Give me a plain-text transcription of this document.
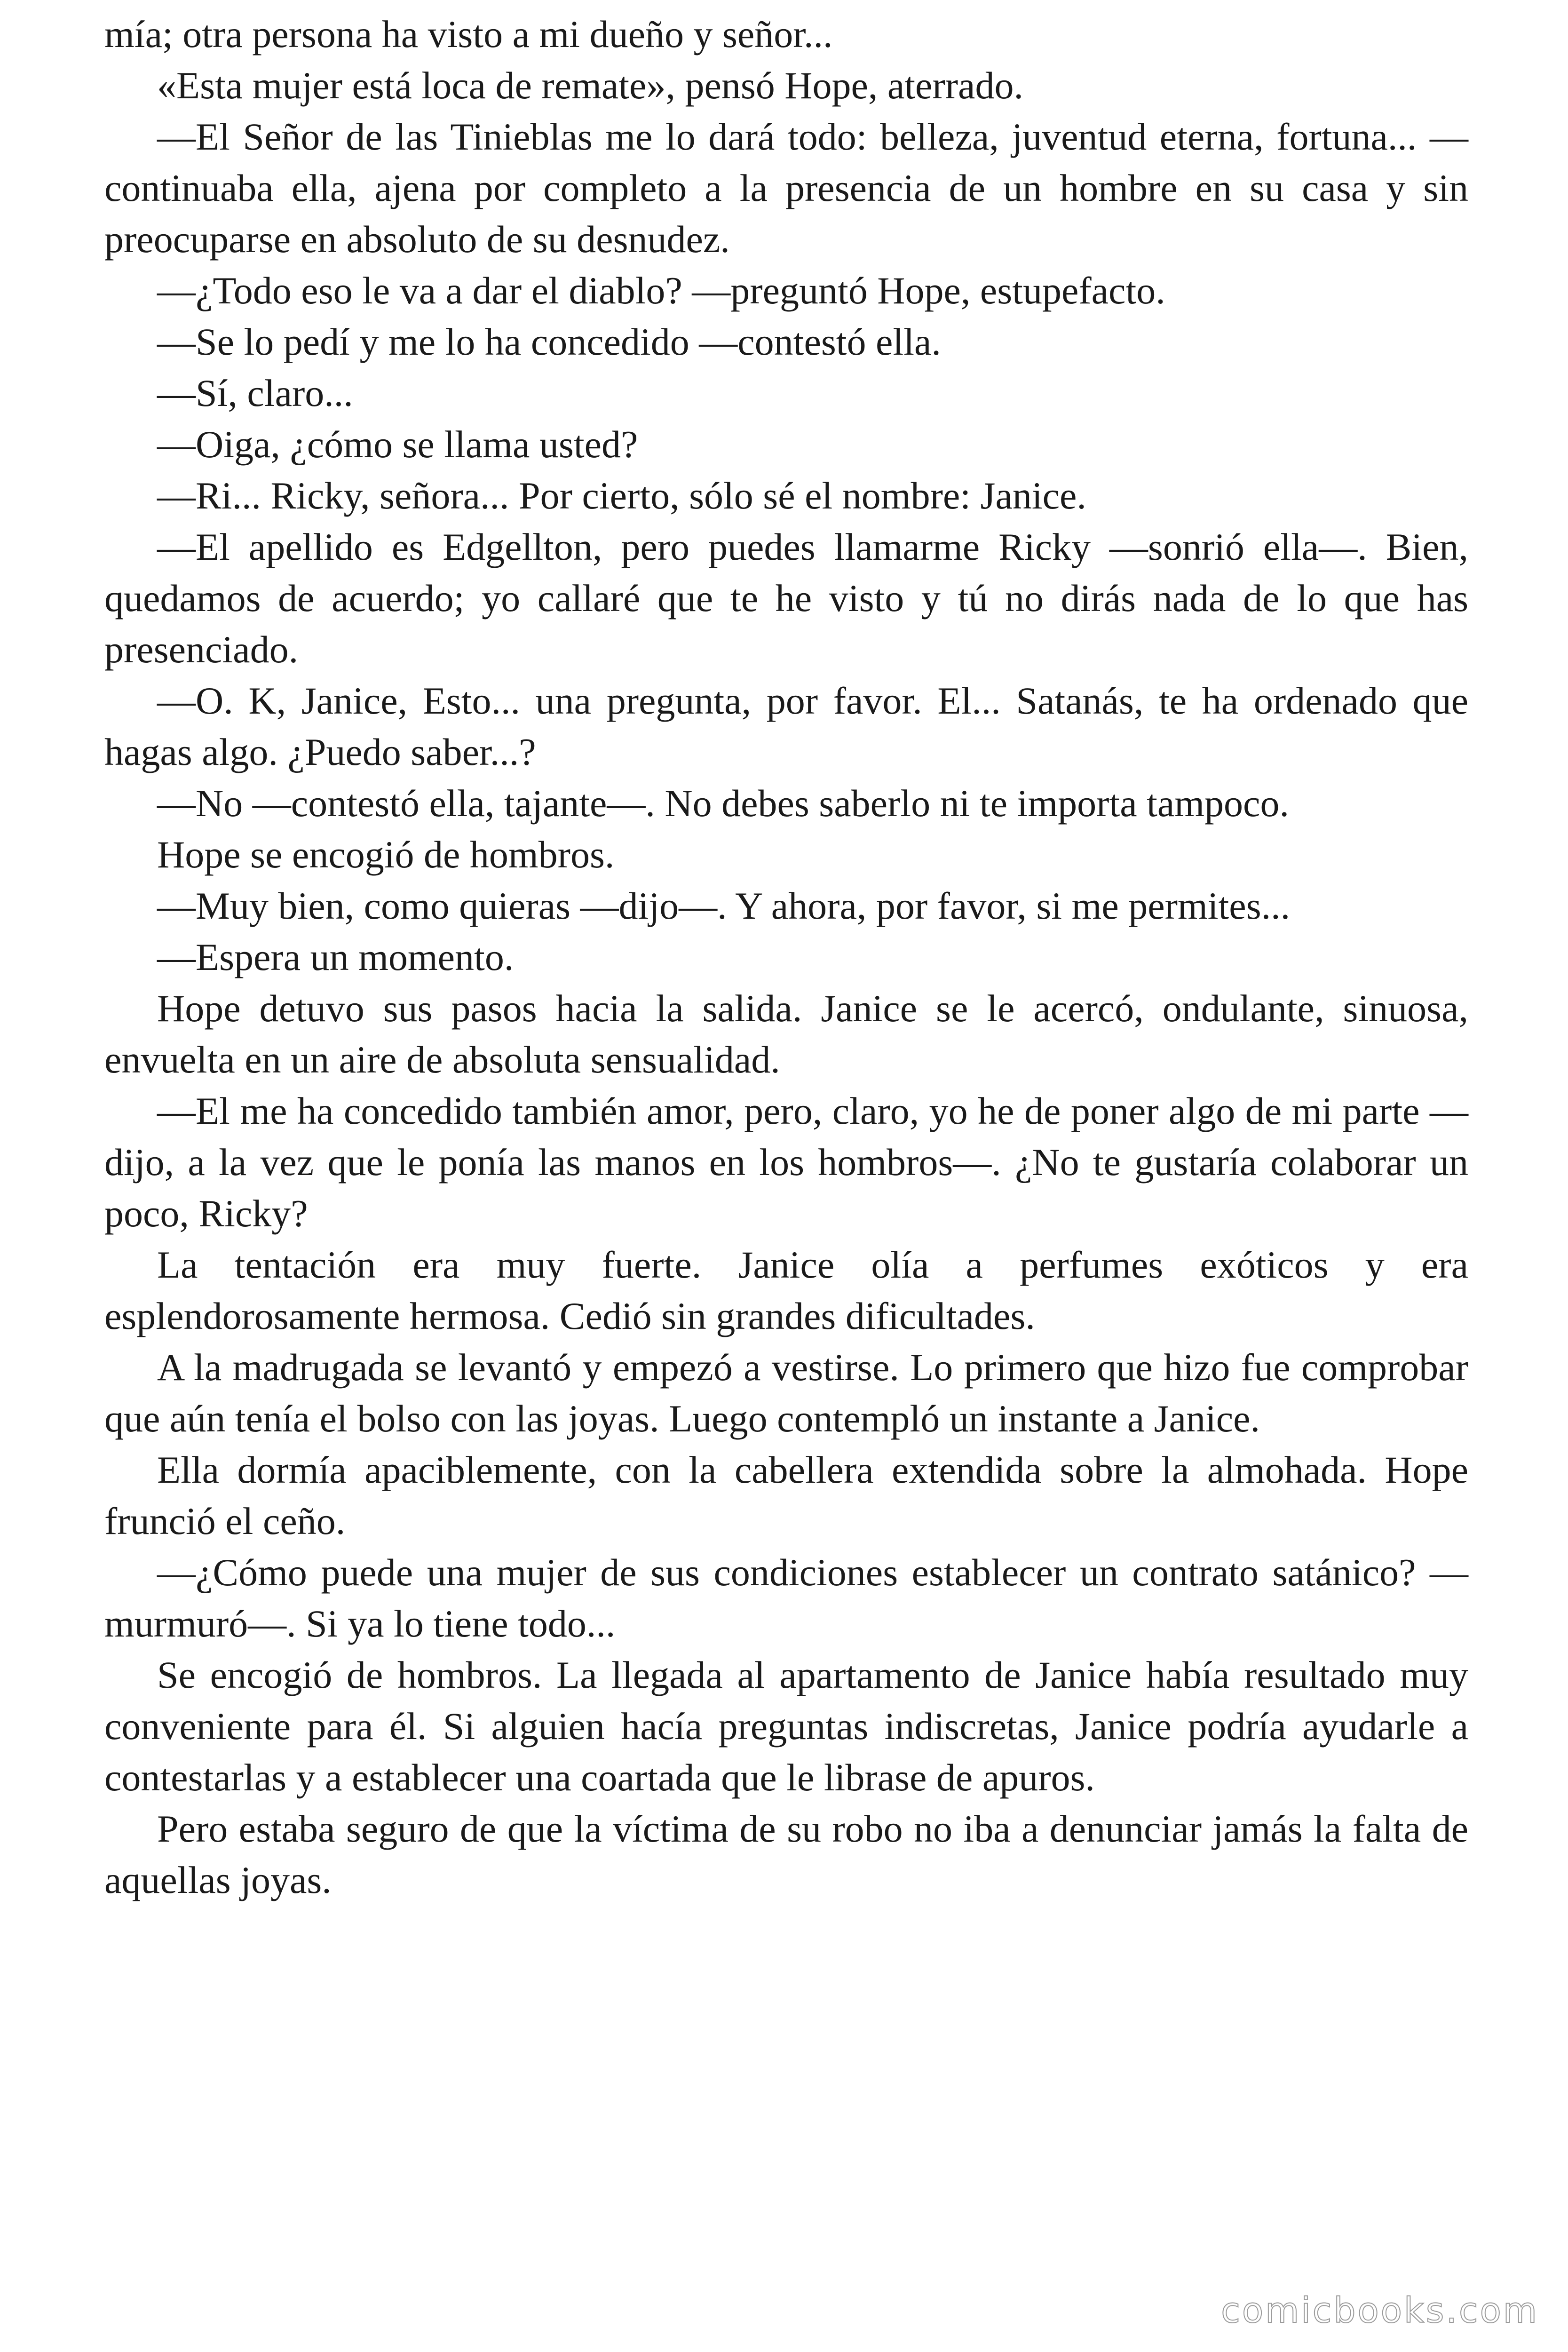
mía; otra persona ha visto a mi dueño y señor...

«Esta mujer está loca de remate», pensó Hope, aterrado.

—El Señor de las Tinieblas me lo dará todo: belleza, juventud eterna, fortuna... —continuaba ella, ajena por completo a la presencia de un hombre en su casa y sin preocuparse en absoluto de su desnudez.

—¿Todo eso le va a dar el diablo? —preguntó Hope, estupefacto.

—Se lo pedí y me lo ha concedido —contestó ella.

—Sí, claro...

—Oiga, ¿cómo se llama usted?

—Ri... Ricky, señora... Por cierto, sólo sé el nombre: Janice.

—El apellido es Edgellton, pero puedes llamarme Ricky —sonrió ella—. Bien, quedamos de acuerdo; yo callaré que te he visto y tú no dirás nada de lo que has presenciado.

—O. K, Janice, Esto... una pregunta, por favor. El... Satanás, te ha ordenado que hagas algo. ¿Puedo saber...?

—No —contestó ella, tajante—. No debes saberlo ni te importa tampoco.

Hope se encogió de hombros.

—Muy bien, como quieras —dijo—. Y ahora, por favor, si me permites...

—Espera un momento.

Hope detuvo sus pasos hacia la salida. Janice se le acercó, ondulante, sinuosa, envuelta en un aire de absoluta sensualidad.

—El me ha concedido también amor, pero, claro, yo he de poner algo de mi parte —dijo, a la vez que le ponía las manos en los hombros—. ¿No te gustaría colaborar un poco, Ricky?

La tentación era muy fuerte. Janice olía a perfumes exóticos y era esplendorosamente hermosa. Cedió sin grandes dificultades.

A la madrugada se levantó y empezó a vestirse. Lo primero que hizo fue comprobar que aún tenía el bolso con las joyas. Luego contempló un instante a Janice.

Ella dormía apaciblemente, con la cabellera extendida sobre la almohada. Hope frunció el ceño.

—¿Cómo puede una mujer de sus condiciones establecer un contrato satánico? —murmuró—. Si ya lo tiene todo...

Se encogió de hombros. La llegada al apartamento de Janice había resultado muy conveniente para él. Si alguien hacía preguntas indiscretas, Janice podría ayudarle a contestarlas y a establecer una coartada que le librase de apuros.

Pero estaba seguro de que la víctima de su robo no iba a denunciar jamás la falta de aquellas joyas.

comicbooks.com
